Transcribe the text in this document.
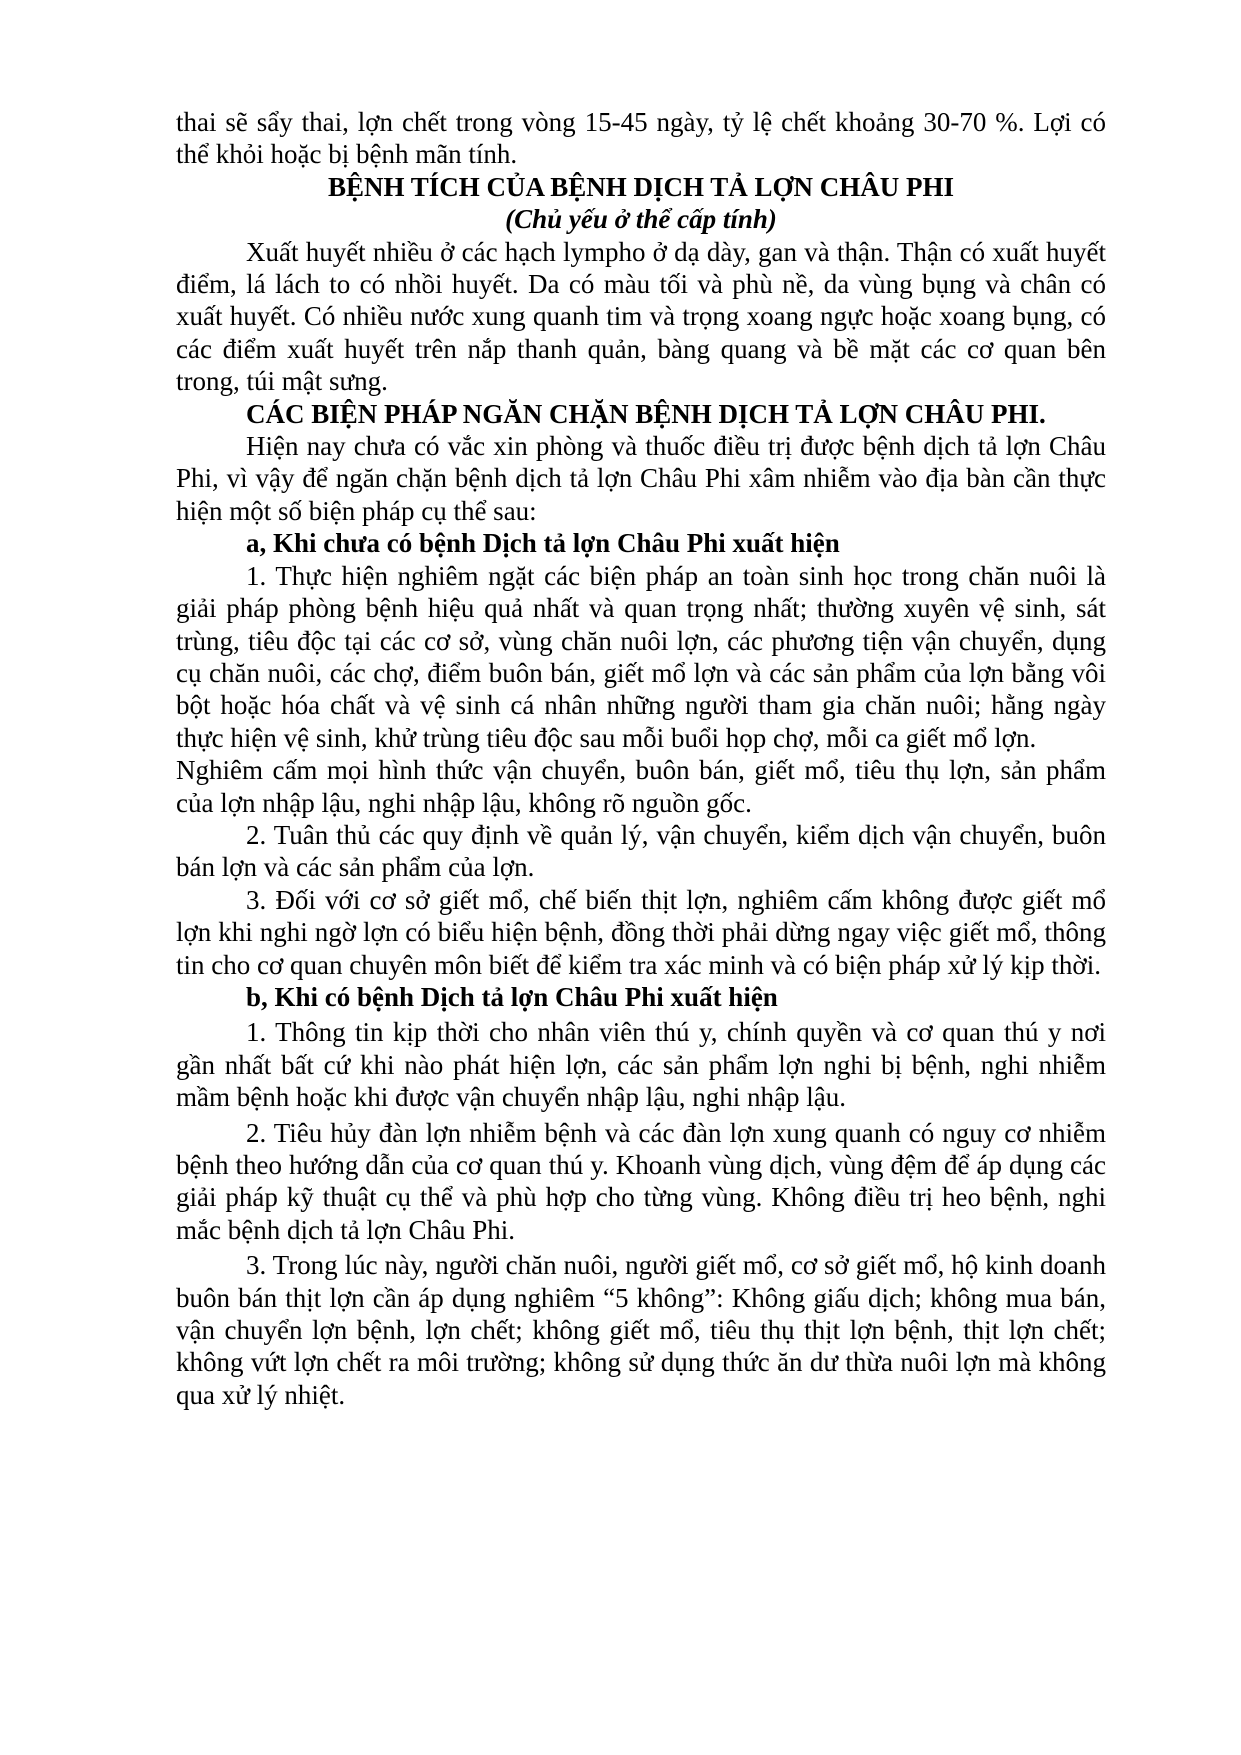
thai sẽ sẩy thai, lợn chết trong vòng 15-45 ngày, tỷ lệ chết khoảng 30-70 %. Lợi có thể khỏi hoặc bị bệnh mãn tính.

BỆNH TÍCH CỦA BỆNH DỊCH TẢ LỢN CHÂU PHI

(Chủ yếu ở thể cấp tính)

Xuất huyết nhiều ở các hạch lympho ở dạ dày, gan và thận. Thận có xuất huyết điểm, lá lách to có nhồi huyết. Da có màu tối và phù nề, da vùng bụng và chân có xuất huyết. Có nhiều nước xung quanh tim và trọng xoang ngực hoặc xoang bụng, có các điểm xuất huyết trên nắp thanh quản, bàng quang và bề mặt các cơ quan bên trong, túi mật sưng.

CÁC BIỆN PHÁP NGĂN CHẶN BỆNH DỊCH TẢ LỢN CHÂU PHI.

Hiện nay chưa có vắc xin phòng và thuốc điều trị được bệnh dịch tả lợn Châu Phi, vì vậy để ngăn chặn bệnh dịch tả lợn Châu Phi xâm nhiễm vào địa bàn cần thực hiện một số biện pháp cụ thể sau:

a, Khi chưa có bệnh Dịch tả lợn Châu Phi xuất hiện

1. Thực hiện nghiêm ngặt các biện pháp an toàn sinh học trong chăn nuôi là giải pháp phòng bệnh hiệu quả nhất và quan trọng nhất; thường xuyên vệ sinh, sát trùng, tiêu độc tại các cơ sở, vùng chăn nuôi lợn, các phương tiện vận chuyển, dụng cụ chăn nuôi, các chợ, điểm buôn bán, giết mổ lợn và các sản phẩm của lợn bằng vôi bột hoặc hóa chất và vệ sinh cá nhân những người tham gia chăn nuôi; hằng ngày thực hiện vệ sinh, khử trùng tiêu độc sau mỗi buổi họp chợ, mỗi ca giết mổ lợn.

Nghiêm cấm mọi hình thức vận chuyển, buôn bán, giết mổ, tiêu thụ lợn, sản phẩm của lợn nhập lậu, nghi nhập lậu, không rõ nguồn gốc.

2. Tuân thủ các quy định về quản lý, vận chuyển, kiểm dịch vận chuyển, buôn bán lợn và các sản phẩm của lợn.

3. Đối với cơ sở giết mổ, chế biến thịt lợn, nghiêm cấm không được giết mổ lợn khi nghi ngờ lợn có biểu hiện bệnh, đồng thời phải dừng ngay việc giết mổ, thông tin cho cơ quan chuyên môn biết để kiểm tra xác minh và có biện pháp xử lý kịp thời.

b, Khi có bệnh Dịch tả lợn Châu Phi xuất hiện

1. Thông tin kịp thời cho nhân viên thú y, chính quyền và cơ quan thú y nơi gần nhất bất cứ khi nào phát hiện lợn, các sản phẩm lợn nghi bị bệnh, nghi nhiễm mầm bệnh hoặc khi được vận chuyển nhập lậu, nghi nhập lậu.

2. Tiêu hủy đàn lợn nhiễm bệnh và các đàn lợn xung quanh có nguy cơ nhiễm bệnh theo hướng dẫn của cơ quan thú y. Khoanh vùng dịch, vùng đệm để áp dụng các giải pháp kỹ thuật cụ thể và phù hợp cho từng vùng. Không điều trị heo bệnh, nghi mắc bệnh dịch tả lợn Châu Phi.

3. Trong lúc này, người chăn nuôi, người giết mổ, cơ sở giết mổ, hộ kinh doanh buôn bán thịt lợn cần áp dụng nghiêm “5 không”: Không giấu dịch; không mua bán, vận chuyển lợn bệnh, lợn chết; không giết mổ, tiêu thụ thịt lợn bệnh, thịt lợn chết; không vứt lợn chết ra môi trường; không sử dụng thức ăn dư thừa nuôi lợn mà không qua xử lý nhiệt.
